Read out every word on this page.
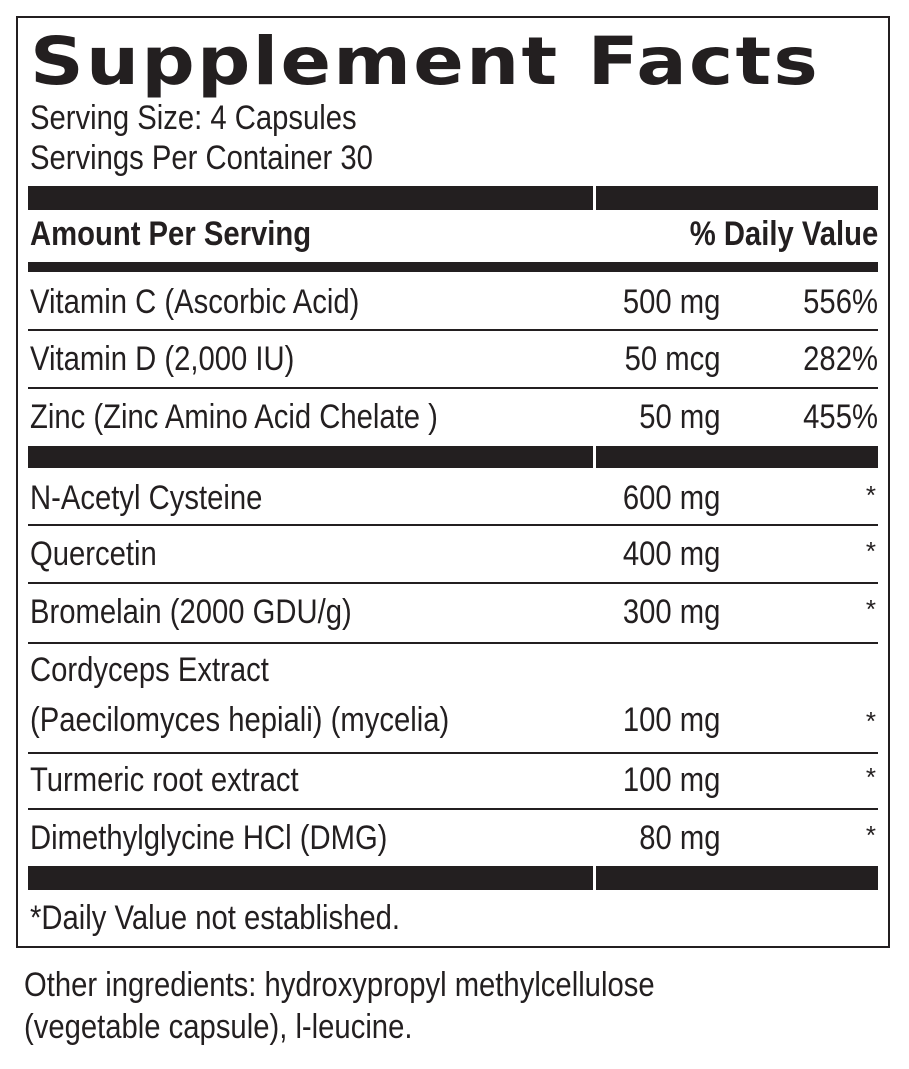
Supplement Facts
Serving Size: 4 Capsules
Servings Per Container 30
Amount Per Serving	% Daily Value
Vitamin C (Ascorbic Acid)	500 mg 556%
Vitamin D (2,000 IU)	50 mcg 282%
Zinc (Zinc Amino Acid Chelate )	50 mg 455%
N-Acetyl Cysteine	600 mg	*
Quercetin	400 mg	*
Bromelain (2000 GDU/g)	300 mg	*
Cordyceps Extract
(Paecilomyces hepiali) (mycelia)	100 mg	*
Turmeric root extract	100 mg	*
Dimethylglycine HCl (DMG)	80 mg	*
*Daily Value not established.
Other ingredients: hydroxypropyl methylcellulose
(vegetable capsule), l-leucine.
